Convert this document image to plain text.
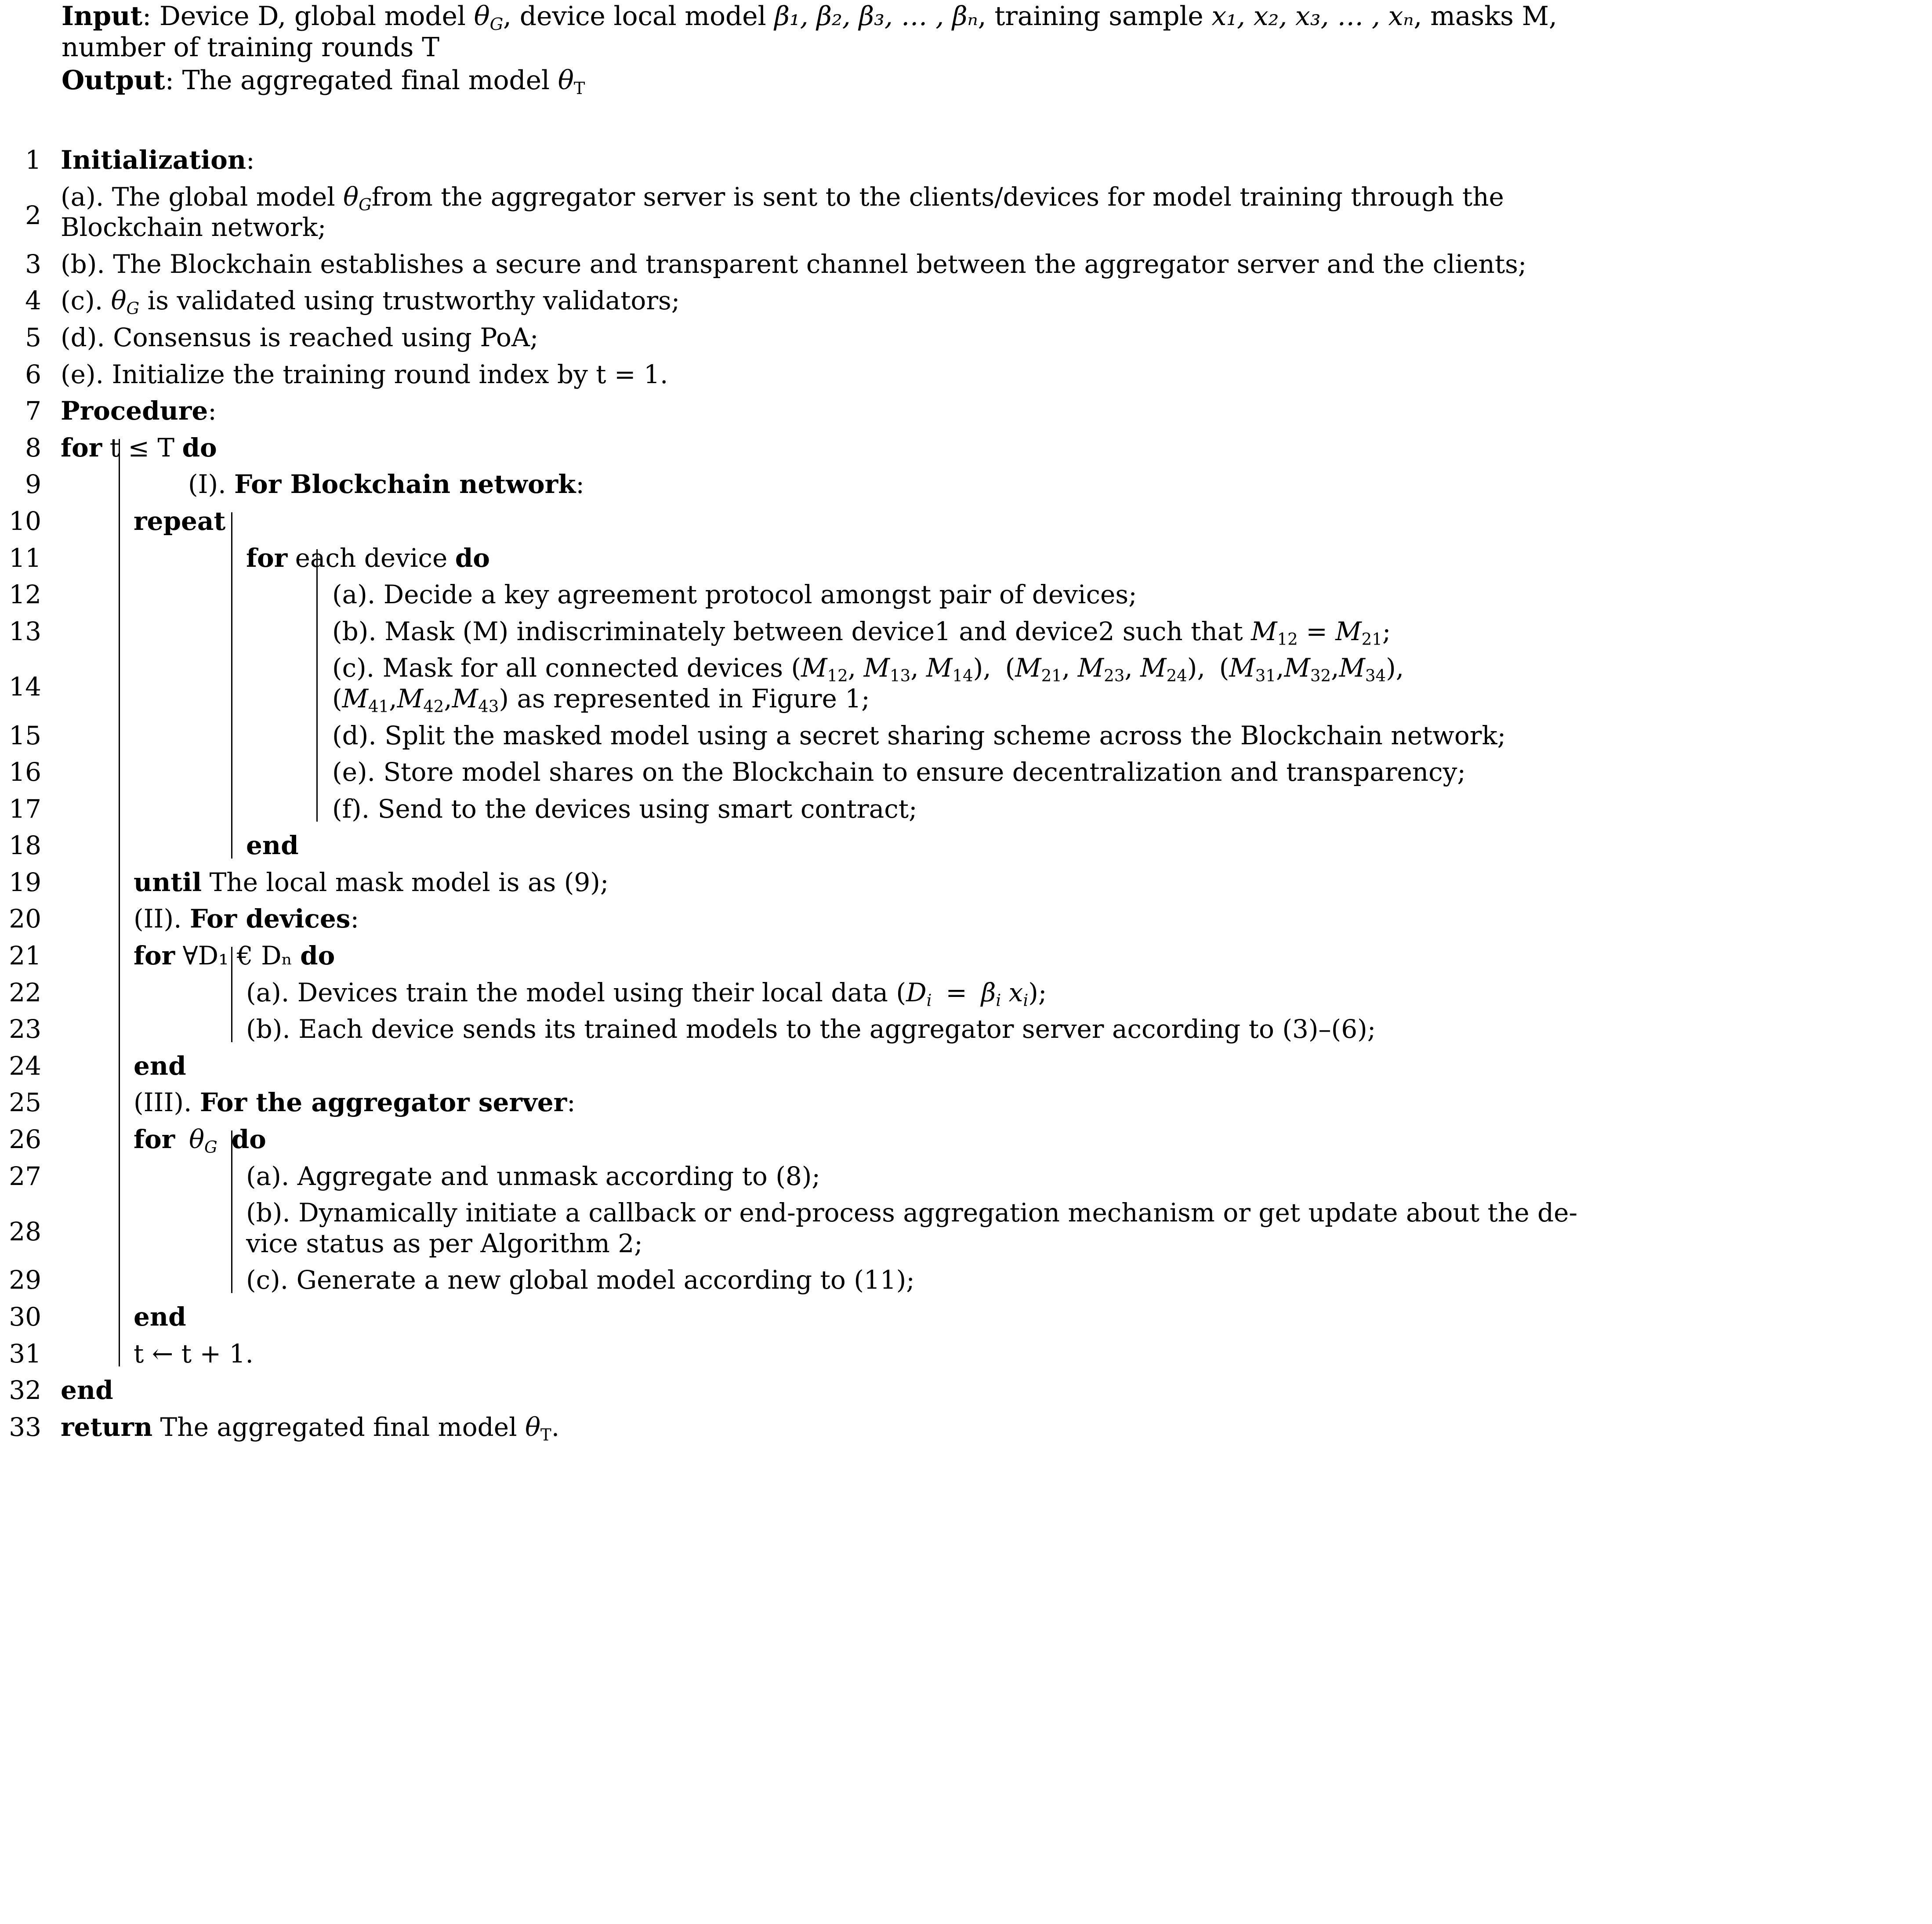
Input: Device D, global model $\theta_G$, device local model β₁, β₂, β₃, … , βₙ, training sample x₁, x₂, x₃, … , xₙ, masks M,
number of training rounds T
Output: The aggregated final model $\theta_T$
1 Initialization:
2
(a). The global model $\theta_Gfrom$ the aggregator server is sent to the clients/devices for model training through the
Blockchain network;
3 (b). The Blockchain establishes a secure and transparent channel between the aggregator server and the clients;
4 (c). $\theta_G$ is validated using trustworthy validators;
5 (d). Consensus is reached using PoA;
6 (e). Initialize the training round index by t = 1.
7 Procedure:
8 for t ≤ T do
9	(I). For Blockchain network:
10	repeat
11	for each device do
12	(a). Decide a key agreement protocol amongst pair of devices;
13	(b). Mask (M) indiscriminately between device1 and device2 such that $M_{12} = M_{21}$;
14
(c). Mask for all connected devices ($M_{12}$, $M_{13}$, $M_{14}$), ($M_{21}$, $M_{23}$, $M_{24}$), $(M_{31},M_{32},M_{34})$,
$(M_{41},M_{42},M_{43})$ as represented in Figure 1;
15	(d). Split the masked model using a secret sharing scheme across the Blockchain network;
16	(e). Store model shares on the Blockchain to ensure decentralization and transparency;
17	(f). Send to the devices using smart contract;
18	end
19	until The local mask model is as (9);
20	(II). For devices:
21	for ∀D₁ € Dₙ do
22	(a). Devices train the model using their local data ($D_i = \beta_i$ $x_i$);
23	(b). Each device sends its trained models to the aggregator server according to (3)–(6);
24	end
25	(III). For the aggregator server:
26	for $\theta_G$ do
27	(a). Aggregate and unmask according to (8);
28
(b). Dynamically initiate a callback or end-process aggregation mechanism or get update about the de-
vice status as per Algorithm 2;
29	(c). Generate a new global model according to (11);
30	end
31	t ← t + 1.
32 end
33 return The aggregated final model $\theta_T$.
